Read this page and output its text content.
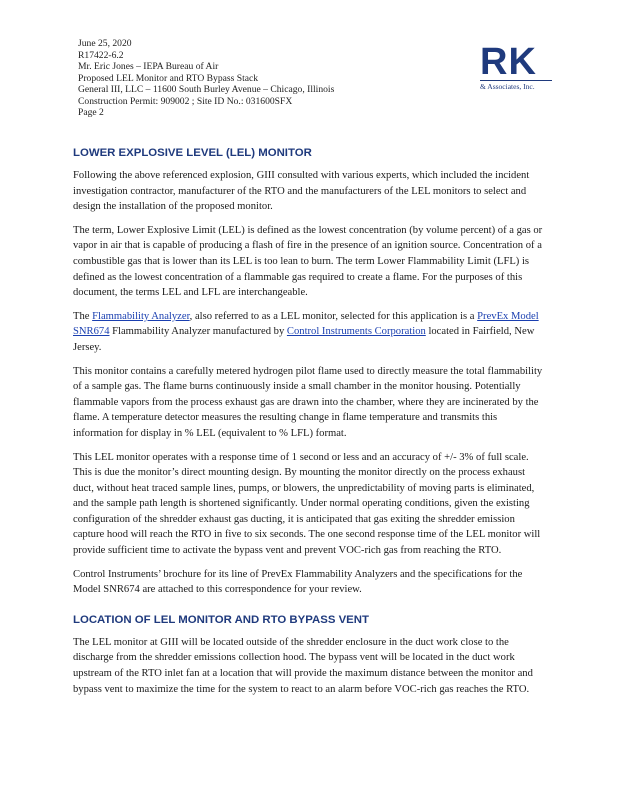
June 25, 2020
R17422-6.2
Mr. Eric Jones – IEPA Bureau of Air
Proposed LEL Monitor and RTO Bypass Stack
General III, LLC – 11600 South Burley Avenue – Chicago, Illinois
Construction Permit: 909002 ; Site ID No.: 031600SFX
Page 2
RK
& Associates, Inc.
LOWER EXPLOSIVE LEVEL (LEL) MONITOR

Following the above referenced explosion, GIII consulted with various experts, which included the incident investigation contractor, manufacturer of the RTO and the manufacturers of the LEL monitors to select and design the installation of the proposed monitor.

The term, Lower Explosive Limit (LEL) is defined as the lowest concentration (by volume percent) of a gas or vapor in air that is capable of producing a flash of fire in the presence of an ignition source. Concentration of a combustible gas that is lower than its LEL is too lean to burn. The term Lower Flammability Limit (LFL) is defined as the lowest concentration of a flammable gas required to create a flame. For the purposes of this document, the terms LEL and LFL are interchangeable.

The Flammability Analyzer, also referred to as a LEL monitor, selected for this application is a PrevEx Model SNR674 Flammability Analyzer manufactured by Control Instruments Corporation located in Fairfield, New Jersey.

This monitor contains a carefully metered hydrogen pilot flame used to directly measure the total flammability of a sample gas. The flame burns continuously inside a small chamber in the monitor housing. Potentially flammable vapors from the process exhaust gas are drawn into the chamber, where they are incinerated by the flame. A temperature detector measures the resulting change in flame temperature and transmits this information for display in % LEL (equivalent to % LFL) format.

This LEL monitor operates with a response time of 1 second or less and an accuracy of +/- 3% of full scale. This is due the monitor’s direct mounting design. By mounting the monitor directly on the process exhaust duct, without heat traced sample lines, pumps, or blowers, the unpredictability of moving parts is eliminated, and the sample path length is shortened significantly. Under normal operating conditions, given the existing configuration of the shredder exhaust gas ducting, it is anticipated that gas exiting the shredder emission capture hood will reach the RTO in five to six seconds. The one second response time of the LEL monitor will provide sufficient time to activate the bypass vent and prevent VOC-rich gas from reaching the RTO.

Control Instruments’ brochure for its line of PrevEx Flammability Analyzers and the specifications for the Model SNR674 are attached to this correspondence for your review.

LOCATION OF LEL MONITOR AND RTO BYPASS VENT

The LEL monitor at GIII will be located outside of the shredder enclosure in the duct work close to the discharge from the shredder emissions collection hood. The bypass vent will be located in the duct work upstream of the RTO inlet fan at a location that will provide the maximum distance between the monitor and bypass vent to maximize the time for the system to react to an alarm before VOC-rich gas reaches the RTO.
